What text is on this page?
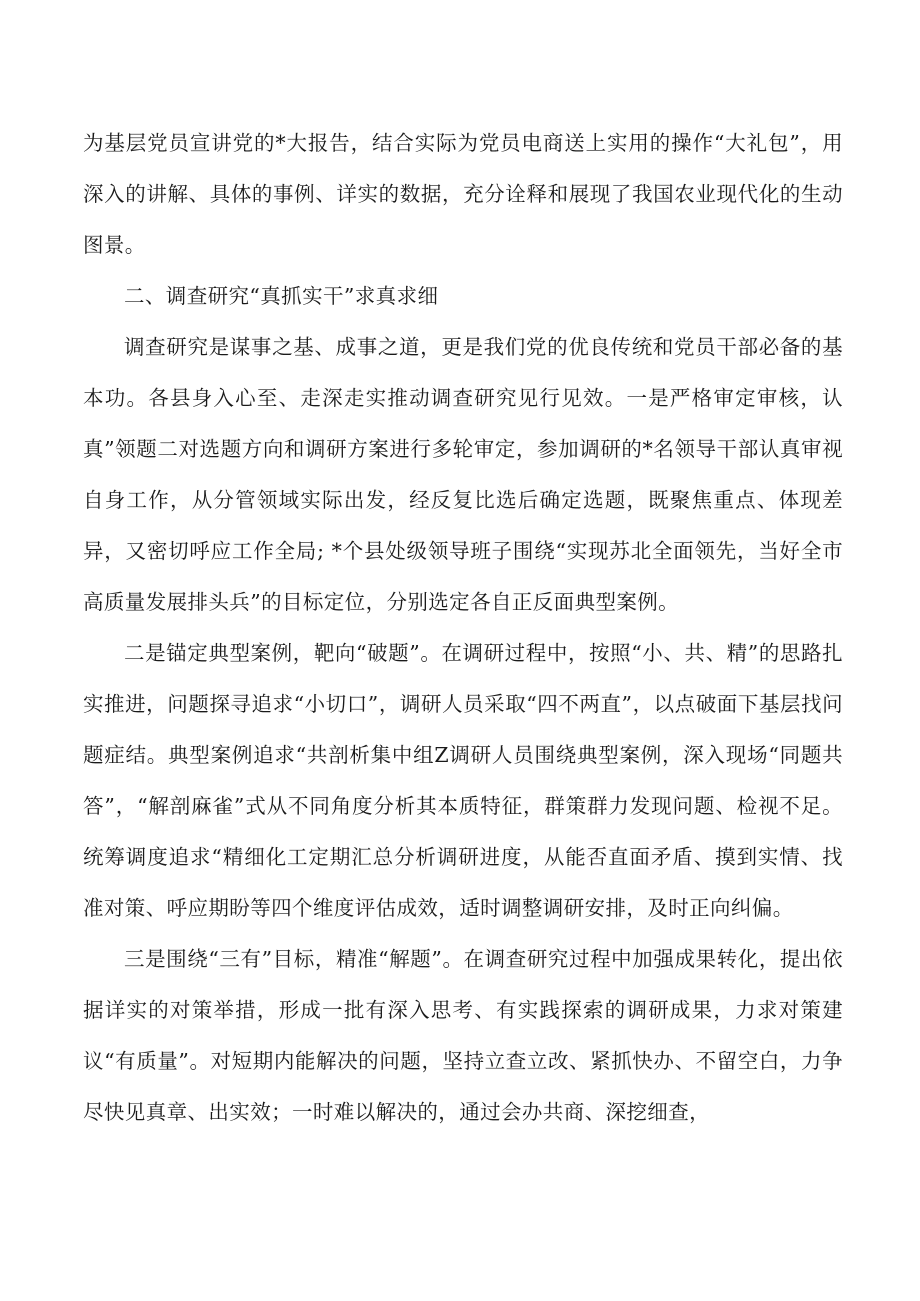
为基层党员宣讲党的*大报告，结合实际为党员电商送上实用的操作“大礼包”，用深入的讲解、具体的事例、详实的数据，充分诠释和展现了我国农业现代化的生动图景。

二、调查研究“真抓实干”求真求细

调查研究是谋事之基、成事之道，更是我们党的优良传统和党员干部必备的基本功。各县身入心至、走深走实推动调查研究见行见效。一是严格审定审核，认真”领题二对选题方向和调研方案进行多轮审定，参加调研的*名领导干部认真审视自身工作，从分管领域实际出发，经反复比选后确定选题，既聚焦重点、体现差异，又密切呼应工作全局; *个县处级领导班子围绕“实现苏北全面领先，当好全市高质量发展排头兵”的目标定位，分别选定各自正反面典型案例。

二是锚定典型案例，靶向“破题”。在调研过程中，按照“小、共、精”的思路扎实推进，问题探寻追求“小切口”，调研人员采取“四不两直”，以点破面下基层找问题症结。典型案例追求“共剖析集中组Z调研人员围绕典型案例，深入现场“同题共答”，“解剖麻雀”式从不同角度分析其本质特征，群策群力发现问题、检视不足。统筹调度追求“精细化工定期汇总分析调研进度，从能否直面矛盾、摸到实情、找准对策、呼应期盼等四个维度评估成效，适时调整调研安排，及时正向纠偏。

三是围绕“三有”目标，精准“解题”。在调查研究过程中加强成果转化，提出依据详实的对策举措，形成一批有深入思考、有实践探索的调研成果，力求对策建议“有质量”。对短期内能解决的问题，坚持立查立改、紧抓快办、不留空白，力争尽快见真章、出实效；一时难以解决的，通过会办共商、深挖细查，
